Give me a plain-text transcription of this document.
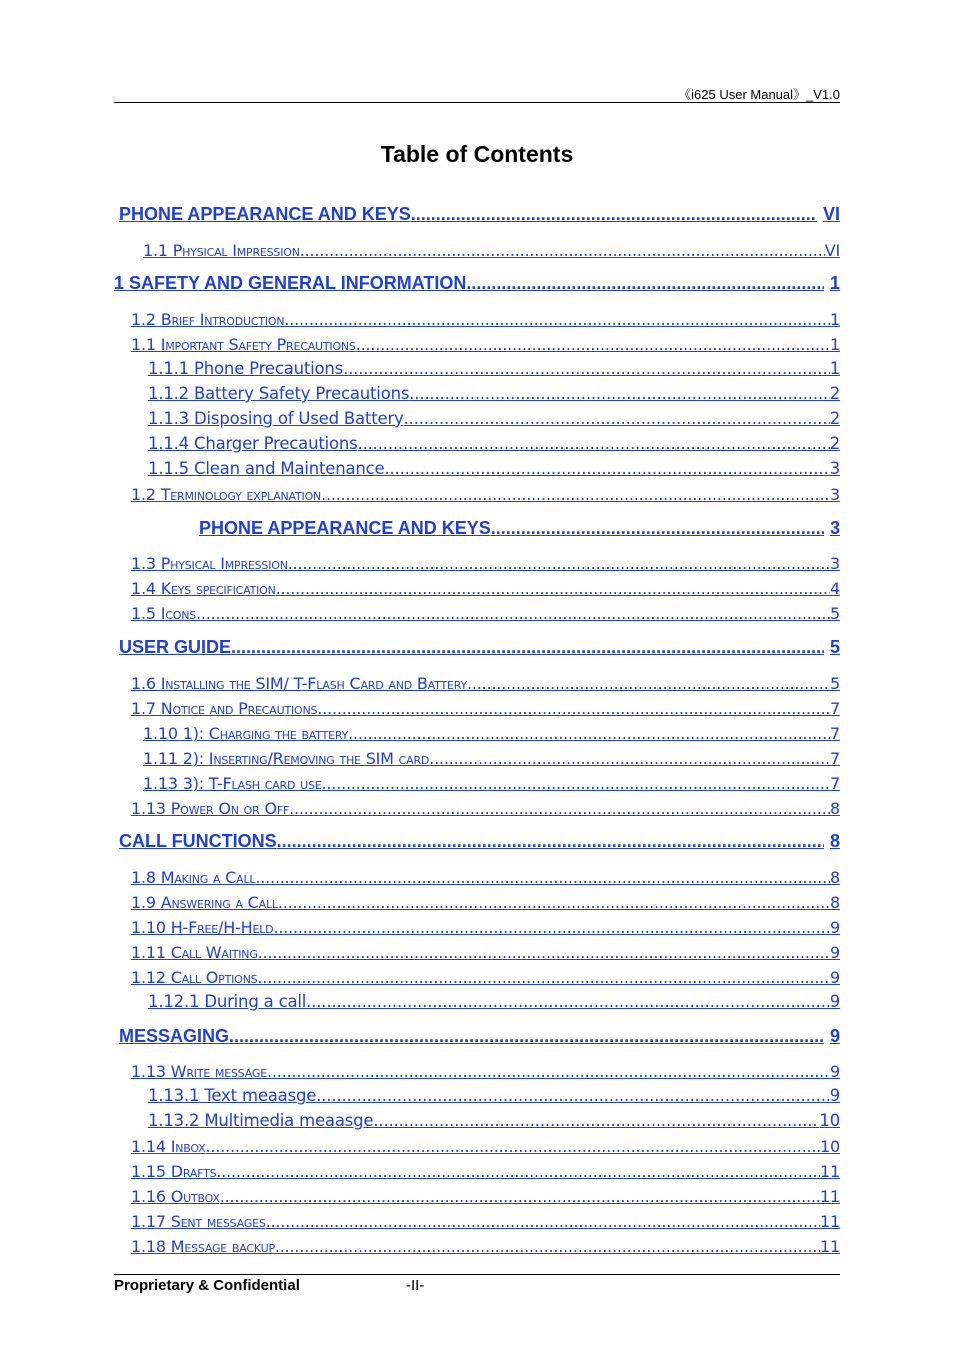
《i625 User Manual》_V1.0
Table of Contents
PHONE APPEARANCE AND KEYS .....	VI
1.1 Physical Impression .....	VI
1 SAFETY AND GENERAL INFORMATION .....	1
1.2 Brief Introduction .....	1
1.1 Important Safety Precautions .....	1
1.1.1 Phone Precautions .....	1
1.1.2 Battery Safety Precautions .....	2
1.1.3 Disposing of Used Battery .....	2
1.1.4 Charger Precautions .....	2
1.1.5 Clean and Maintenance .....	3
1.2 Terminology explanation .....	3
PHONE APPEARANCE AND KEYS .....	3
1.3 Physical Impression .....	3
1.4 Keys specification .....	4
1.5 Icons .....	5
USER GUIDE .....	5
1.6 Installing the SIM/ T-Flash Card and Battery .....	5
1.7 Notice and Precautions .....	7
1.10 1): Charging the battery .....	7
1.11 2): Inserting/Removing the SIM card .....	7
1.13 3): T-Flash card use .....	7
1.13 Power On or Off .....	8
CALL FUNCTIONS .....	8
1.8 Making a Call .....	8
1.9 Answering a Call .....	8
1.10 H-Free/H-Held .....	9
1.11 Call Waiting .....	9
1.12 Call Options .....	9
1.12.1 During a call .....	9
MESSAGING .....	9
1.13 Write message .....	9
1.13.1 Text meaasge .....	9
1.13.2 Multimedia meaasge .....	10
1.14 Inbox .....	10
1.15 Drafts .....	11
1.16 Outbox .....	11
1.17 Sent messages .....	11
1.18 Message backup .....	11
Proprietary & Confidential	-II-
